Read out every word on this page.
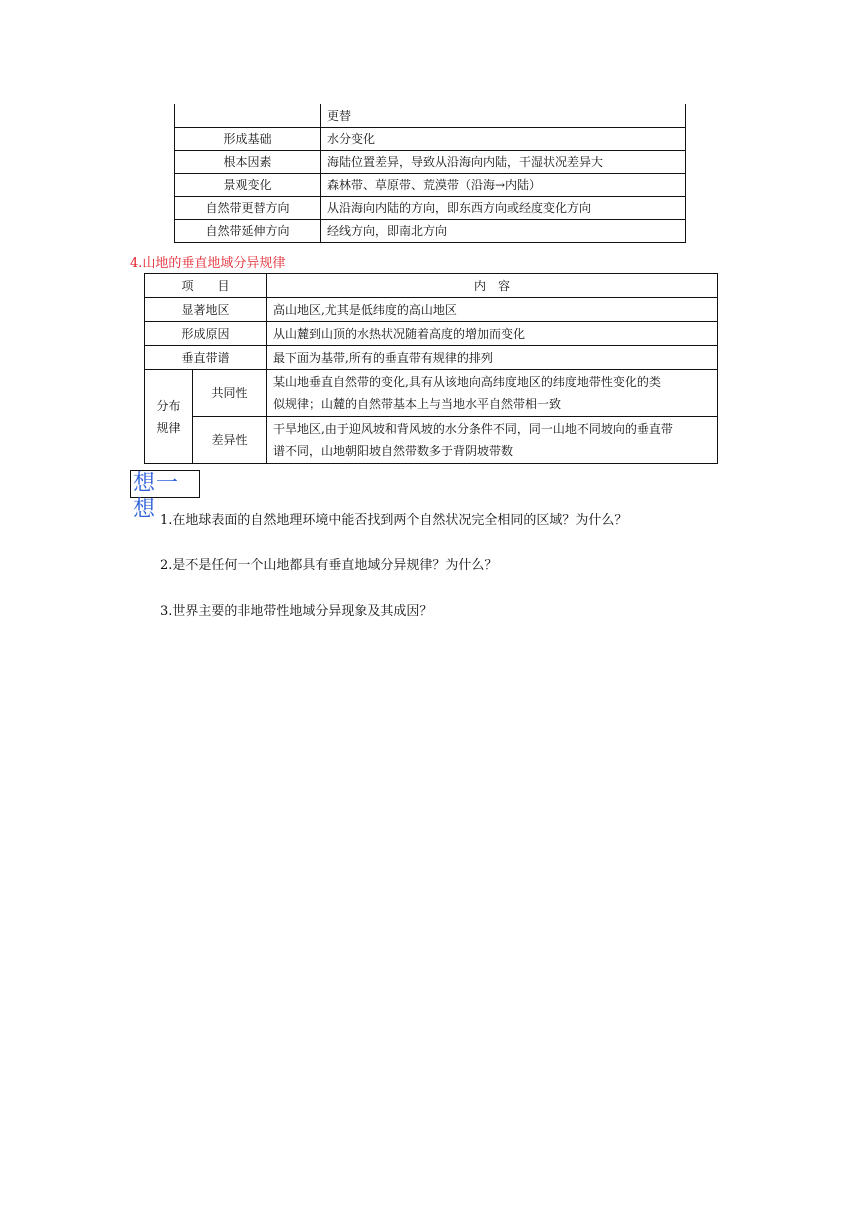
	更替
形成基础	水分变化
根本因素	海陆位置差异，导致从沿海向内陆，干湿状况差异大
景观变化	森林带、草原带、荒漠带（沿海→内陆）
自然带更替方向	从沿海向内陆的方向，即东西方向或经度变化方向
自然带延伸方向	经线方向，即南北方向
4.山地的垂直地域分异规律
项　　目		内　容
显著地区		高山地区,尤其是低纬度的高山地区
形成原因		从山麓到山顶的水热状况随着高度的增加而变化
垂直带谱		最下面为基带,所有的垂直带有规律的排列
分布
规律	共同性	某山地垂直自然带的变化,具有从该地向高纬度地区的纬度地带性变化的类
似规律；山麓的自然带基本上与当地水平自然带相一致
	差异性	干旱地区,由于迎风坡和背风坡的水分条件不同，同一山地不同坡向的垂直带
谱不同，山地朝阳坡自然带数多于背阴坡带数
想一想 1.在地球表面的自然地理环境中能否找到两个自然状况完全相同的区域？为什么？
2.是不是任何一个山地都具有垂直地域分异规律？为什么？
3.世界主要的非地带性地域分异现象及其成因？
